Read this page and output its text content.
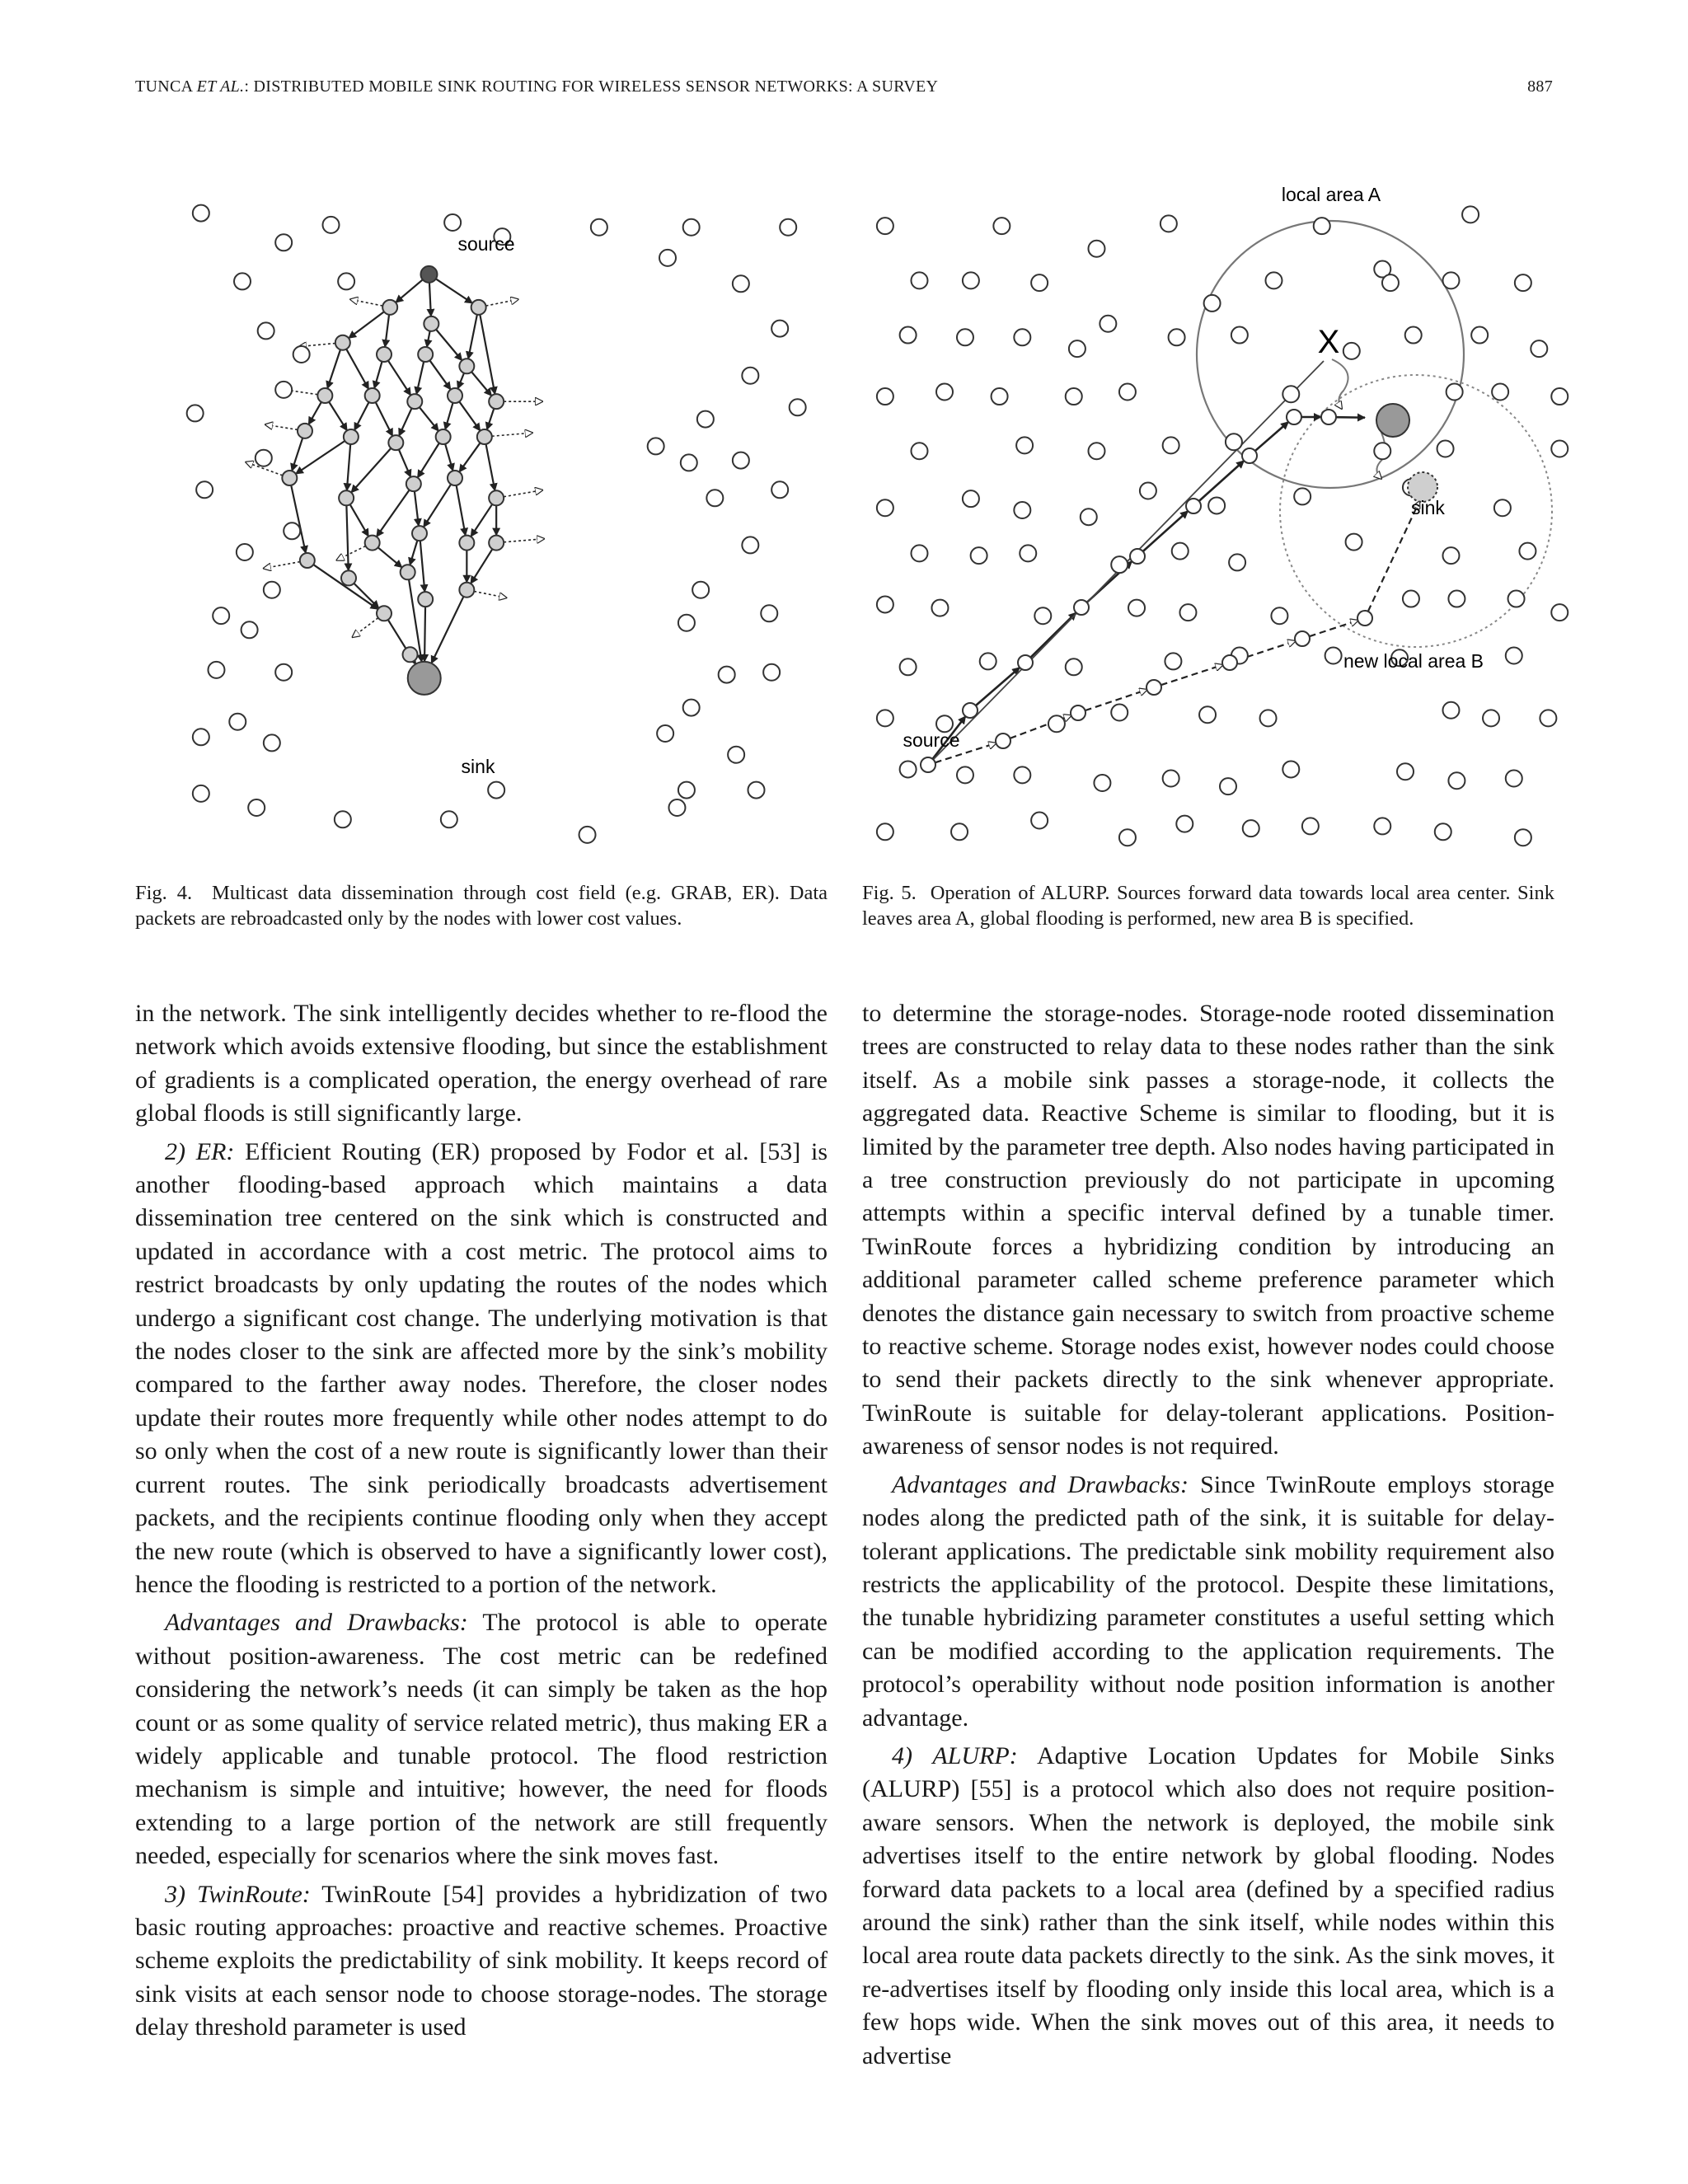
TUNCA ET AL.: DISTRIBUTED MOBILE SINK ROUTING FOR WIRELESS SENSOR NETWORKS: A SURVEY	887
source
sink
local area A
new local area B
sink
source
X
Fig. 4.  Multicast data dissemination through cost field (e.g. GRAB, ER). Data packets are rebroadcasted only by the nodes with lower cost values.
Fig. 5.  Operation of ALURP. Sources forward data towards local area center. Sink leaves area A, global flooding is performed, new area B is specified.

in the network. The sink intelligently decides whether to re-flood the network which avoids extensive flooding, but since the establishment of gradients is a complicated operation, the energy overhead of rare global floods is still significantly large.

2) ER: Efficient Routing (ER) proposed by Fodor et al. [53] is another flooding-based approach which maintains a data dissemination tree centered on the sink which is constructed and updated in accordance with a cost metric. The protocol aims to restrict broadcasts by only updating the routes of the nodes which undergo a significant cost change. The underlying motivation is that the nodes closer to the sink are affected more by the sink’s mobility compared to the farther away nodes. Therefore, the closer nodes update their routes more frequently while other nodes attempt to do so only when the cost of a new route is significantly lower than their current routes. The sink periodically broadcasts advertisement packets, and the recipients continue flooding only when they accept the new route (which is observed to have a significantly lower cost), hence the flooding is restricted to a portion of the network.

Advantages and Drawbacks: The protocol is able to operate without position-awareness. The cost metric can be redefined considering the network’s needs (it can simply be taken as the hop count or as some quality of service related metric), thus making ER a widely applicable and tunable protocol. The flood restriction mechanism is simple and intuitive; however, the need for floods extending to a large portion of the network are still frequently needed, especially for scenarios where the sink moves fast.

3) TwinRoute: TwinRoute [54] provides a hybridization of two basic routing approaches: proactive and reactive schemes. Proactive scheme exploits the predictability of sink mobility. It keeps record of sink visits at each sensor node to choose storage-nodes. The storage delay threshold parameter is used

to determine the storage-nodes. Storage-node rooted dissemination trees are constructed to relay data to these nodes rather than the sink itself. As a mobile sink passes a storage-node, it collects the aggregated data. Reactive Scheme is similar to flooding, but it is limited by the parameter tree depth. Also nodes having participated in a tree construction previously do not participate in upcoming attempts within a specific interval defined by a tunable timer. TwinRoute forces a hybridizing condition by introducing an additional parameter called scheme preference parameter which denotes the distance gain necessary to switch from proactive scheme to reactive scheme. Storage nodes exist, however nodes could choose to send their packets directly to the sink whenever appropriate. TwinRoute is suitable for delay-tolerant applications. Position-awareness of sensor nodes is not required.

Advantages and Drawbacks: Since TwinRoute employs storage nodes along the predicted path of the sink, it is suitable for delay-tolerant applications. The predictable sink mobility requirement also restricts the applicability of the protocol. Despite these limitations, the tunable hybridizing parameter constitutes a useful setting which can be modified according to the application requirements. The protocol’s operability without node position information is another advantage.

4) ALURP: Adaptive Location Updates for Mobile Sinks (ALURP) [55] is a protocol which also does not require position-aware sensors. When the network is deployed, the mobile sink advertises itself to the entire network by global flooding. Nodes forward data packets to a local area (defined by a specified radius around the sink) rather than the sink itself, while nodes within this local area route data packets directly to the sink. As the sink moves, it re-advertises itself by flooding only inside this local area, which is a few hops wide. When the sink moves out of this area, it needs to advertise
